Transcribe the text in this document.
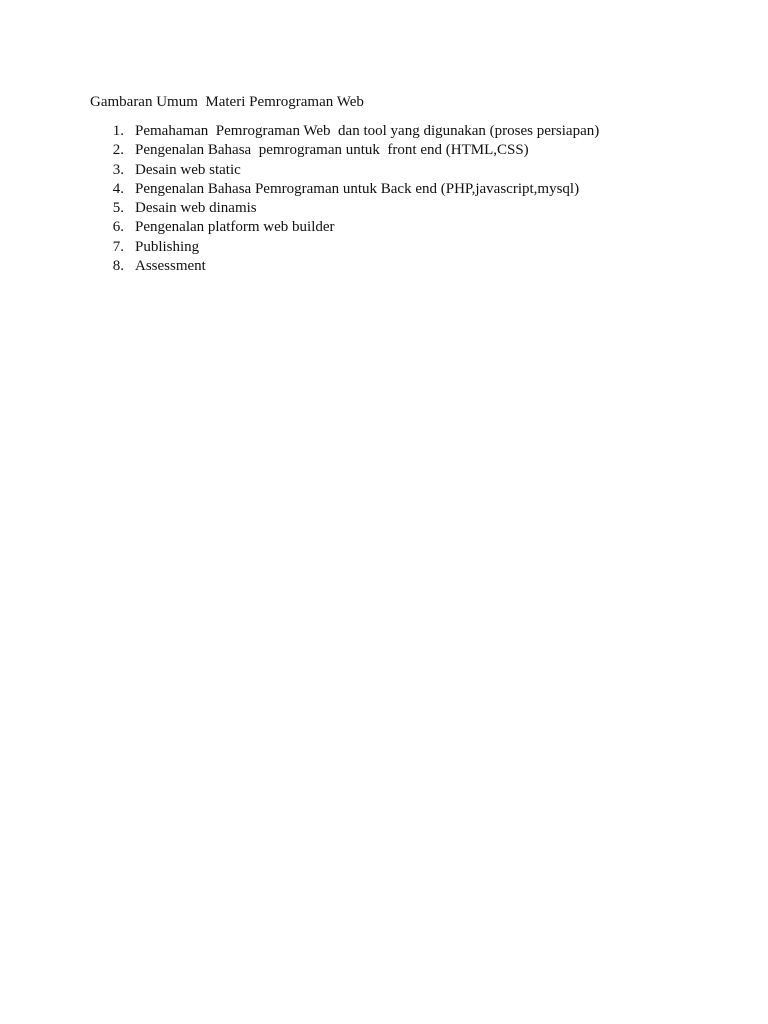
Gambaran Umum  Materi Pemrograman Web

1.

Pemahaman  Pemrograman Web  dan tool yang digunakan (proses persiapan)

2.

Pengenalan Bahasa  pemrograman untuk  front end (HTML,CSS)

3.

Desain web static

4.

Pengenalan Bahasa Pemrograman untuk Back end (PHP,javascript,mysql)

5.

Desain web dinamis

6.

Pengenalan platform web builder

7.

Publishing

8.

Assessment
